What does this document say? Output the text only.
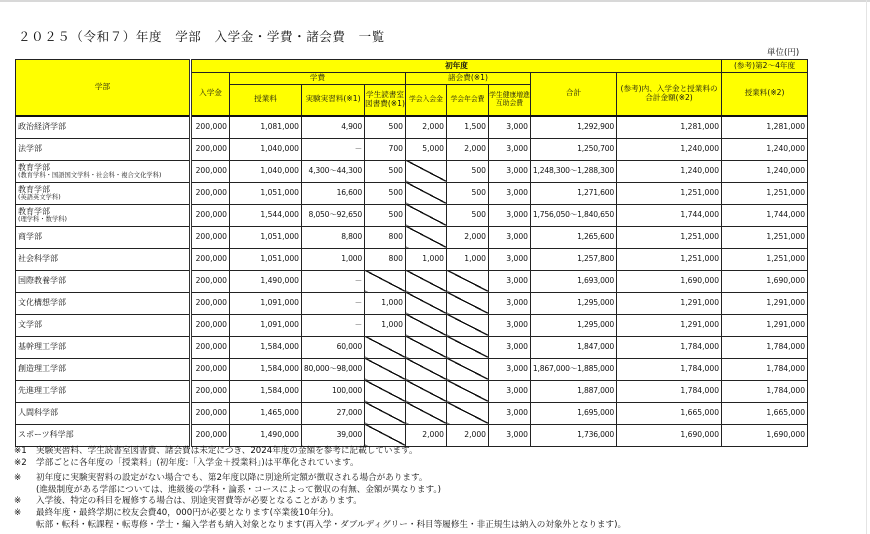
２０２５（令和７）年度　学部　入学金・学費・諸会費　一覧
単位(円)
学部	初年度									(参考)第2～4年度
	入学金	学費			諸会費(※1)			合計	(参考)内、入学金と授業料の合計金額(※2)	授業料(※2)
		授業料	実験実習料(※1)	学生読書室図書費(※1)	学会入会金	学会年会費	学生健康増進互助会費			

政治経済学部	200,000	1,081,000	4,900	500	2,000	1,500	3,000	1,292,900	1,281,000	1,281,000

法学部	200,000	1,040,000	－	700	5,000	2,000	3,000	1,250,700	1,240,000	1,240,000

教育学部
(教育学科・国語国文学科・社会科・複合文化学科)	200,000	1,040,000	4,300～44,300	500		500	3,000	1,248,300～1,288,300	1,240,000	1,240,000

教育学部
(英語英文学科)	200,000	1,051,000	16,600	500		500	3,000	1,271,600	1,251,000	1,251,000

教育学部
(理学科・数学科)	200,000	1,544,000	8,050～92,650	500		500	3,000	1,756,050～1,840,650	1,744,000	1,744,000

商学部	200,000	1,051,000	8,800	800		2,000	3,000	1,265,600	1,251,000	1,251,000

社会科学部	200,000	1,051,000	1,000	800	1,000	1,000	3,000	1,257,800	1,251,000	1,251,000

国際教養学部	200,000	1,490,000	－				3,000	1,693,000	1,690,000	1,690,000

文化構想学部	200,000	1,091,000	－	1,000			3,000	1,295,000	1,291,000	1,291,000

文学部	200,000	1,091,000	－	1,000			3,000	1,295,000	1,291,000	1,291,000

基幹理工学部	200,000	1,584,000	60,000				3,000	1,847,000	1,784,000	1,784,000

創造理工学部	200,000	1,584,000	80,000～98,000				3,000	1,867,000～1,885,000	1,784,000	1,784,000

先進理工学部	200,000	1,584,000	100,000				3,000	1,887,000	1,784,000	1,784,000

人間科学部	200,000	1,465,000	27,000				3,000	1,695,000	1,665,000	1,665,000

スポーツ科学部	200,000	1,490,000	39,000		2,000	2,000	3,000	1,736,000	1,690,000	1,690,000
※1 実験実習料、学生読書室図書費、諸会費は未定につき、2024年度の金額を参考に記載しています。
※2 学部ごとに各年度の「授業料」(初年度:「入学金＋授業料」)は平準化されています。
※ 初年度に実験実習料の設定がない場合でも、第2年度以降に別途所定額が徴収される場合があります。
(進級制度がある学部については、進級後の学科・論系・コースによって徴収の有無、金額が異なります。)
※ 入学後、特定の科目を履修する場合は、別途実習費等が必要となることがあります。
※ 最終年度・最終学期に校友会費40，000円が必要となります(卒業後10年分)。
転部・転科・転課程・転専修・学士・編入学者も納入対象となります(再入学・ダブルディグリー・科目等履修生・非正規生は納入の対象外となります)。
